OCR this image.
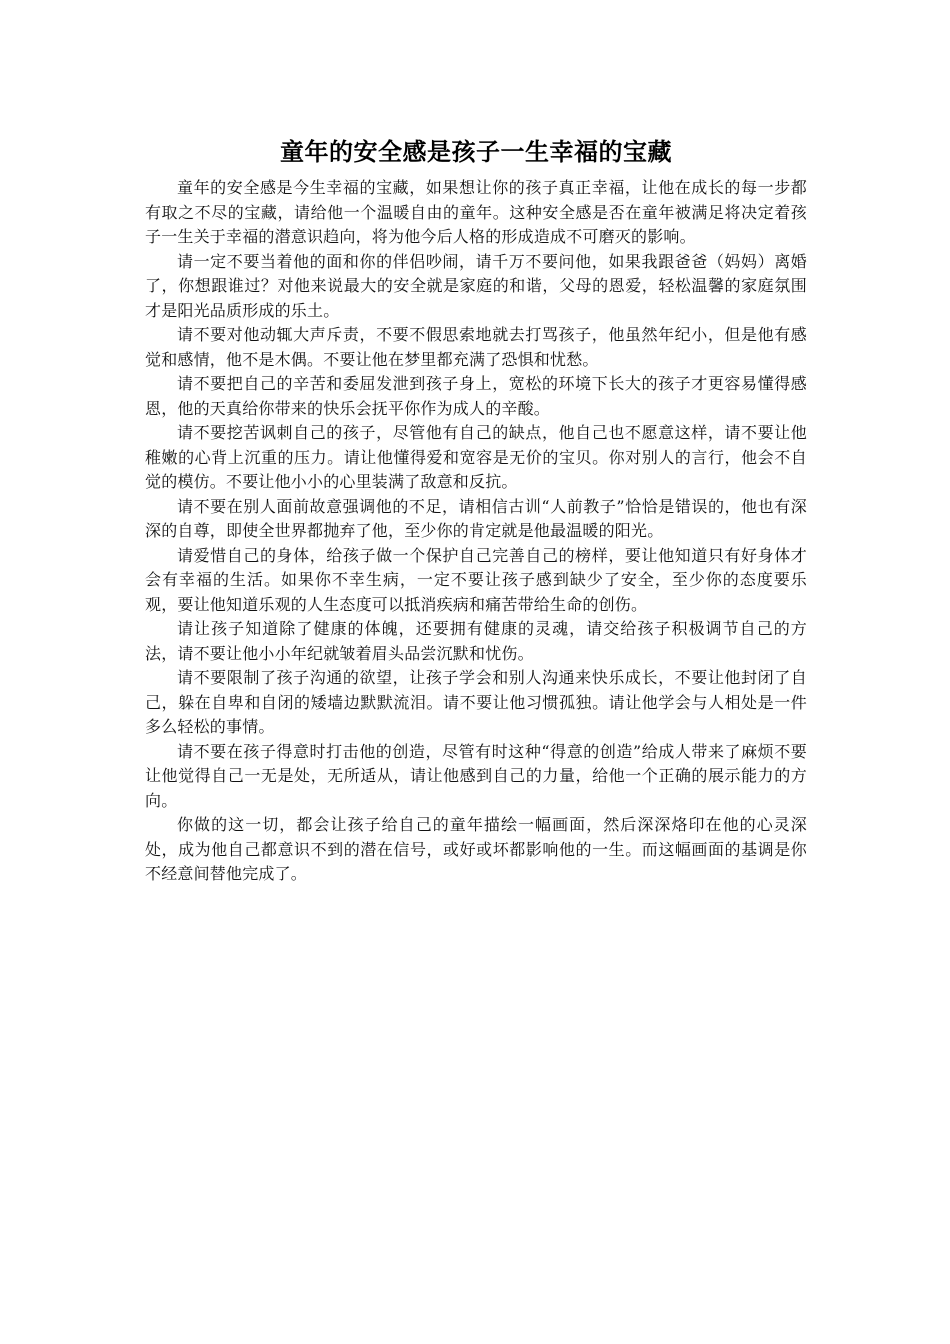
童年的安全感是孩子一生幸福的宝藏

童年的安全感是今生幸福的宝藏，如果想让你的孩子真正幸福，让他在成长的每一步都有取之不尽的宝藏，请给他一个温暖自由的童年。这种安全感是否在童年被满足将决定着孩子一生关于幸福的潜意识趋向，将为他今后人格的形成造成不可磨灭的影响。

请一定不要当着他的面和你的伴侣吵闹，请千万不要问他，如果我跟爸爸（妈妈）离婚了，你想跟谁过？对他来说最大的安全就是家庭的和谐，父母的恩爱，轻松温馨的家庭氛围才是阳光品质形成的乐土。

请不要对他动辄大声斥责，不要不假思索地就去打骂孩子，他虽然年纪小，但是他有感觉和感情，他不是木偶。不要让他在梦里都充满了恐惧和忧愁。

请不要把自己的辛苦和委屈发泄到孩子身上，宽松的环境下长大的孩子才更容易懂得感恩，他的天真给你带来的快乐会抚平你作为成人的辛酸。

请不要挖苦讽刺自己的孩子，尽管他有自己的缺点，他自己也不愿意这样，请不要让他稚嫩的心背上沉重的压力。请让他懂得爱和宽容是无价的宝贝。你对别人的言行，他会不自觉的模仿。不要让他小小的心里装满了敌意和反抗。

请不要在别人面前故意强调他的不足，请相信古训“人前教子”恰恰是错误的，他也有深深的自尊，即使全世界都抛弃了他，至少你的肯定就是他最温暖的阳光。

请爱惜自己的身体，给孩子做一个保护自己完善自己的榜样，要让他知道只有好身体才会有幸福的生活。如果你不幸生病，一定不要让孩子感到缺少了安全，至少你的态度要乐观，要让他知道乐观的人生态度可以抵消疾病和痛苦带给生命的创伤。

请让孩子知道除了健康的体魄，还要拥有健康的灵魂，请交给孩子积极调节自己的方法，请不要让他小小年纪就皱着眉头品尝沉默和忧伤。

请不要限制了孩子沟通的欲望，让孩子学会和别人沟通来快乐成长，不要让他封闭了自己，躲在自卑和自闭的矮墙边默默流泪。请不要让他习惯孤独。请让他学会与人相处是一件多么轻松的事情。

请不要在孩子得意时打击他的创造，尽管有时这种“得意的创造”给成人带来了麻烦不要让他觉得自己一无是处，无所适从，请让他感到自己的力量，给他一个正确的展示能力的方向。

你做的这一切，都会让孩子给自己的童年描绘一幅画面，然后深深烙印在他的心灵深处，成为他自己都意识不到的潜在信号，或好或坏都影响他的一生。而这幅画面的基调是你不经意间替他完成了。
